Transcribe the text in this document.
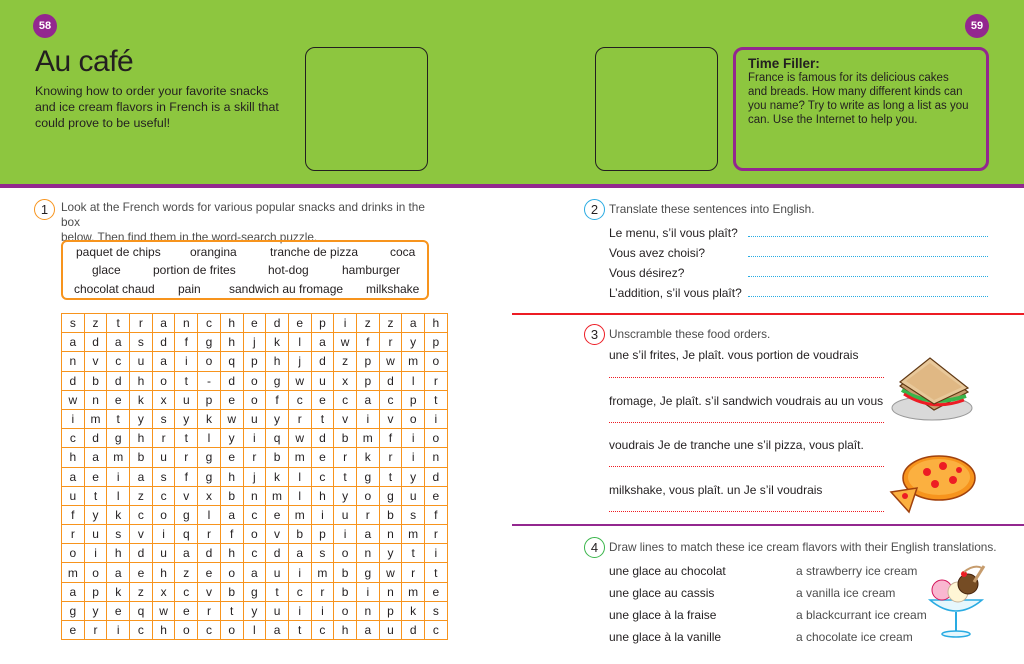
58	59
Au café
Knowing how to order your favorite snacks
and ice cream flavors in French is a skill that
could prove to be useful!
Time Filler:
France is famous for its delicious cakes
and breads. How many different kinds can
you name? Try to write as long a list as you
can. Use the Internet to help you.
1	Look at the French words for various popular snacks and drinks in the box
below. Then find them in the word-search puzzle.
paquet de chips orangina	tranche de pizza	coca
glace	portion de frites	hot-dog	hamburger
chocolat chaud pain sandwich au fromage milkshake
s	z	t	r	a	n	c	h	e	d	e	p	i	z	z	a	h
a	d	a	s	d	f	g	h	j	k	l	a	w	f	r	y	p
n	v	c	u	a	i	o	q	p	h	j	d	z	p	w	m	o
d	b	d	h	o	t	-	d	o	g	w	u	x	p	d	l	r
w	n	e	k	x	u	p	e	o	f	c	e	c	a	c	p	t
i	m	t	y	s	y	k	w	u	y	r	t	v	i	v	o	i
c	d	g	h	r	t	l	y	i	q	w	d	b	m	f	i	o
h	a	m	b	u	r	g	e	r	b	m	e	r	k	r	i	n
a	e	i	a	s	f	g	h	j	k	l	c	t	g	t	y	d
u	t	l	z	c	v	x	b	n	m	l	h	y	o	g	u	e
f	y	k	c	o	g	l	a	c	e	m	i	u	r	b	s	f
r	u	s	v	i	q	r	f	o	v	b	p	i	a	n	m	r
o	i	h	d	u	a	d	h	c	d	a	s	o	n	y	t	i
m	o	a	e	h	z	e	o	a	u	i	m	b	g	w	r	t
a	p	k	z	x	c	v	b	g	t	c	r	b	i	n	m	e
g	y	e	q	w	e	r	t	y	u	i	i	o	n	p	k	s
e	r	i	c	h	o	c	o	l	a	t	c	h	a	u	d	c
2 Translate these sentences into English.
Le menu, s’il vous plaît?
Vous avez choisi?
Vous désirez?
L’addition, s’il vous plaît?
3 Unscramble these food orders.
une s’il frites, Je plaît. vous portion de voudrais
fromage, Je plaît. s’il sandwich voudrais au un vous
voudrais Je de tranche une s’il pizza, vous plaît.
milkshake, vous plaît. un Je s’il voudrais
4 Draw lines to match these ice cream flavors with their English translations.
une glace au chocolat
une glace au cassis
une glace à la fraise
une glace à la vanille
a strawberry ice cream
a vanilla ice cream
a blackcurrant ice cream
a chocolate ice cream
